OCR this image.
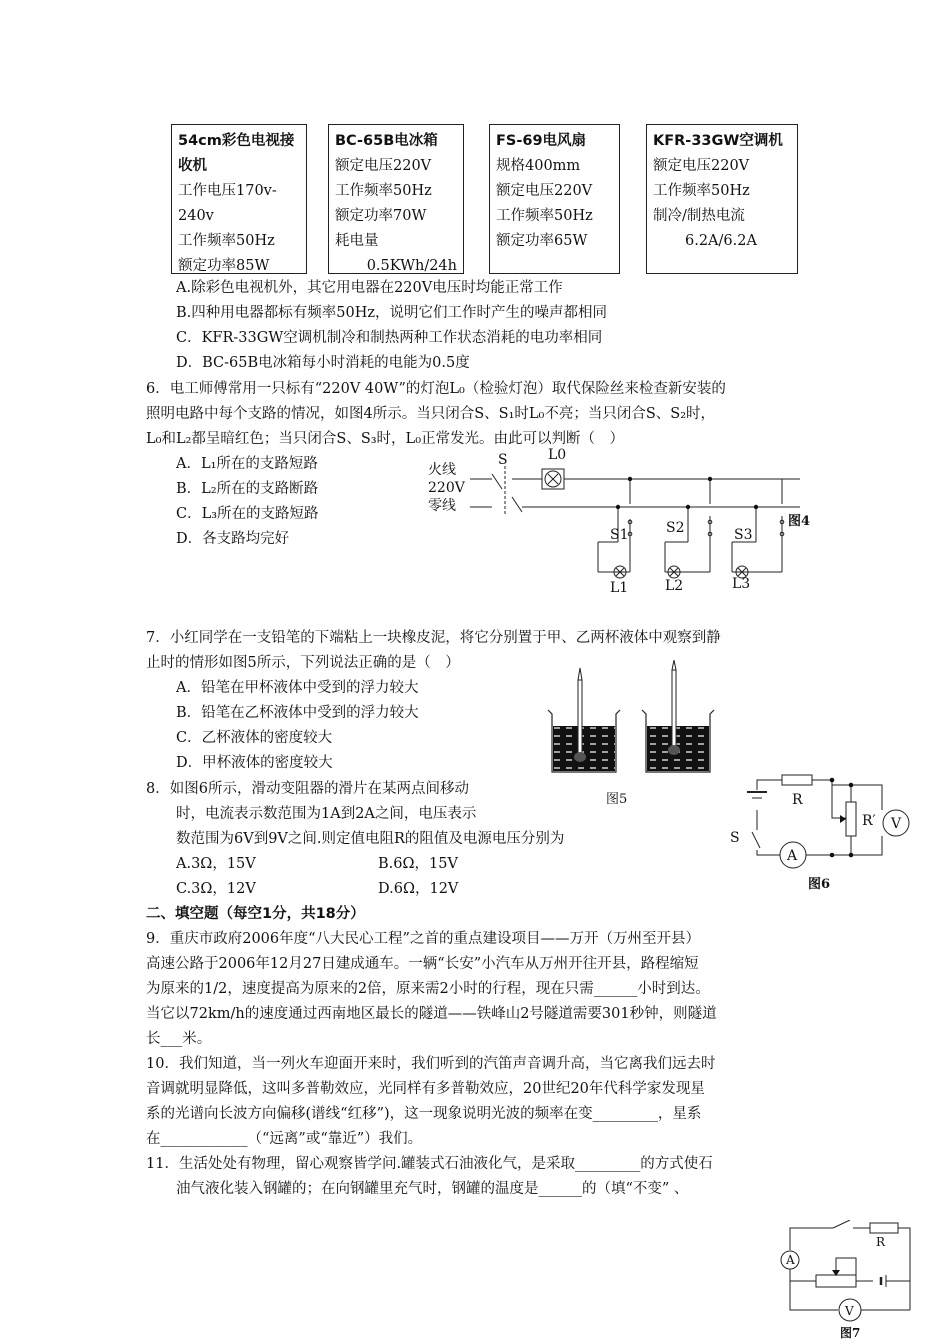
54cm彩色电视接收机
工作电压170v-240v
工作频率50Hz
额定功率85W
BC-65B电冰箱
额定电压220V
工作频率50Hz
额定功率70W
耗电量
0.5KWh/24h
FS-69电风扇
规格400mm
额定电压220V
工作频率50Hz
额定功率65W
KFR-33GW空调机
额定电压220V
工作频率50Hz
制冷/制热电流
6.2A/6.2A
A.除彩色电视机外，其它用电器在220V电压时均能正常工作
B.四种用电器都标有频率50Hz，说明它们工作时产生的噪声都相同
C．KFR-33GW空调机制冷和制热两种工作状态消耗的电功率相同
D．BC-65B电冰箱每小时消耗的电能为0.5度
6．电工师傅常用一只标有“220V 40W”的灯泡L₀（检验灯泡）取代保险丝来检查新安装的
照明电路中每个支路的情况，如图4所示。当只闭合S、S₁时L₀不亮；当只闭合S、S₂时，
L₀和L₂都呈暗红色；当只闭合S、S₃时，L₀正常发光。由此可以判断（　）
A．L₁所在的支路短路
B．L₂所在的支路断路
C．L₃所在的支路短路
D．各支路均完好
火线
220V
零线
S	L0
S1	S2	S3
L1	L2	L3
图4
7．小红同学在一支铅笔的下端粘上一块橡皮泥，将它分别置于甲、乙两杯液体中观察到静
止时的情形如图5所示，下列说法正确的是（　）
A．铅笔在甲杯液体中受到的浮力较大
B．铅笔在乙杯液体中受到的浮力较大
C．乙杯液体的密度较大
D．甲杯液体的密度较大
图5
8．如图6所示，滑动变阻器的滑片在某两点间移动
时，电流表示数范围为1A到2A之间，电压表示
数范围为6V到9V之间.则定值电阻R的阻值及电源电压分别为
A.3Ω，15V	B.6Ω，15V
C.3Ω，12V	D.6Ω，12V
R
R′ V
A
S
图6
二、填空题（每空1分，共18分）
9．重庆市政府2006年度“八大民心工程”之首的重点建设项目——万开（万州至开县）
高速公路于2006年12月27日建成通车。一辆“长安”小汽车从万州开往开县，路程缩短
为原来的1/2，速度提高为原来的2倍，原来需2小时的行程，现在只需______小时到达。
当它以72km/h的速度通过西南地区最长的隧道——铁峰山2号隧道需要301秒钟，则隧道
长___米。
10．我们知道，当一列火车迎面开来时，我们听到的汽笛声音调升高，当它离我们远去时
音调就明显降低，这叫多普勒效应，光同样有多普勒效应，20世纪20年代科学家发现星
系的光谱向长波方向偏移(谱线“红移”)，这一现象说明光波的频率在变_________，星系
在____________（“远离”或“靠近”）我们。
11．生活处处有物理，留心观察皆学问.罐装式石油液化气，是采取_________的方式使石
油气液化装入钢罐的；在向钢罐里充气时，钢罐的温度是______的（填“不变” 、
R
A
V
图7
